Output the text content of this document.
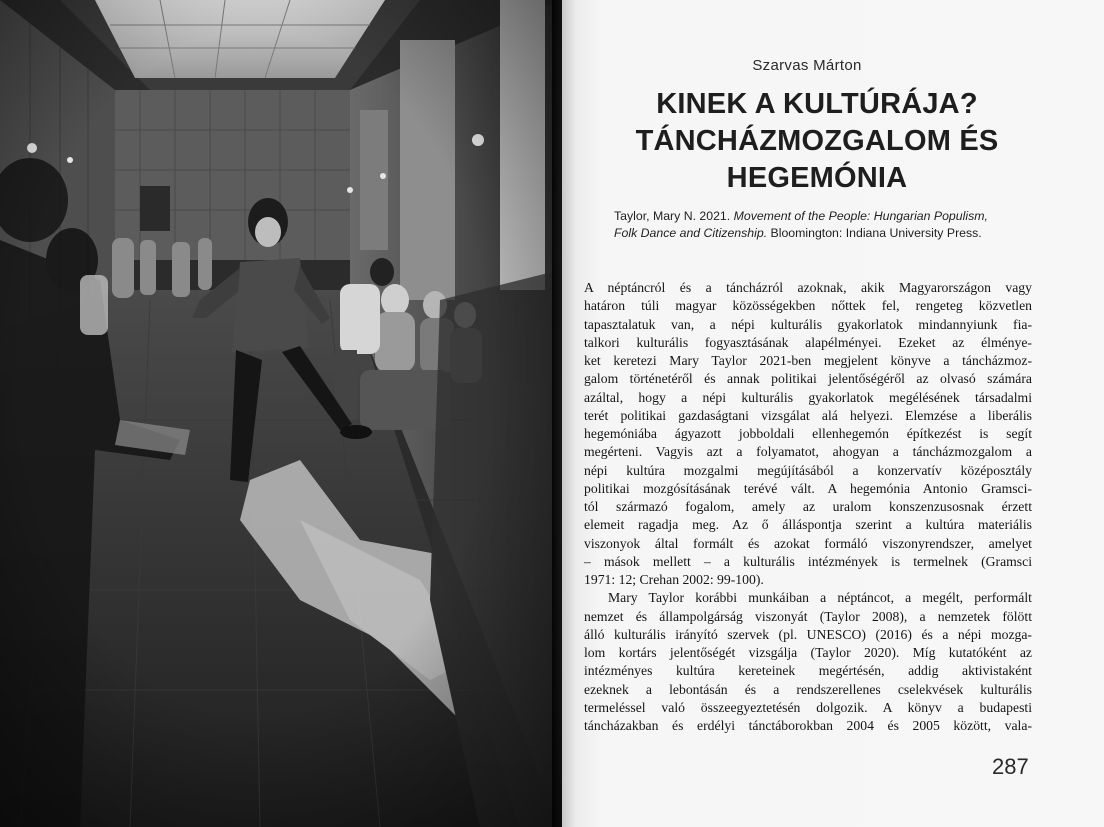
Szarvas Márton
KINEK A KULTÚRÁJA?
TÁNCHÁZMOZGALOM ÉS
HEGEMÓNIA
Taylor, Mary N. 2021. Movement of the People: Hungarian Populism,
Folk Dance and Citizenship. Bloomington: Indiana University Press.
A néptáncról és a táncházról azoknak, akik Magyarországon vagy
határon túli magyar közösségekben nőttek fel, rengeteg közvetlen
tapasztalatuk van, a népi kulturális gyakorlatok mindannyiunk fia-
talkori kulturális fogyasztásának alapélményei. Ezeket az élménye-
ket keretezi Mary Taylor 2021-ben megjelent könyve a táncházmoz-
galom történetéről és annak politikai jelentőségéről az olvasó számára
azáltal, hogy a népi kulturális gyakorlatok megélésének társadalmi
terét politikai gazdaságtani vizsgálat alá helyezi. Elemzése a liberális
hegemóniába ágyazott jobboldali ellenhegemón építkezést is segít
megérteni. Vagyis azt a folyamatot, ahogyan a táncházmozgalom a
népi kultúra mozgalmi megújításából a konzervatív középosztály
politikai mozgósításának terévé vált. A hegemónia Antonio Gramsci-
tól származó fogalom, amely az uralom konszenzusosnak érzett
elemeit ragadja meg. Az ő álláspontja szerint a kultúra materiális
viszonyok által formált és azokat formáló viszonyrendszer, amelyet
– mások mellett – a kulturális intézmények is termelnek (Gramsci
1971: 12; Crehan 2002: 99-100).
Mary Taylor korábbi munkáiban a néptáncot, a megélt, performált
nemzet és állampolgárság viszonyát (Taylor 2008), a nemzetek fölött
álló kulturális irányító szervek (pl. UNESCO) (2016) és a népi mozga-
lom kortárs jelentőségét vizsgálja (Taylor 2020). Míg kutatóként az
intézményes kultúra kereteinek megértésén, addig aktivistaként
ezeknek a lebontásán és a rendszerellenes cselekvések kulturális
termeléssel való összeegyeztetésén dolgozik. A könyv a budapesti
táncházakban és erdélyi tánctáborokban 2004 és 2005 között, vala-
287
